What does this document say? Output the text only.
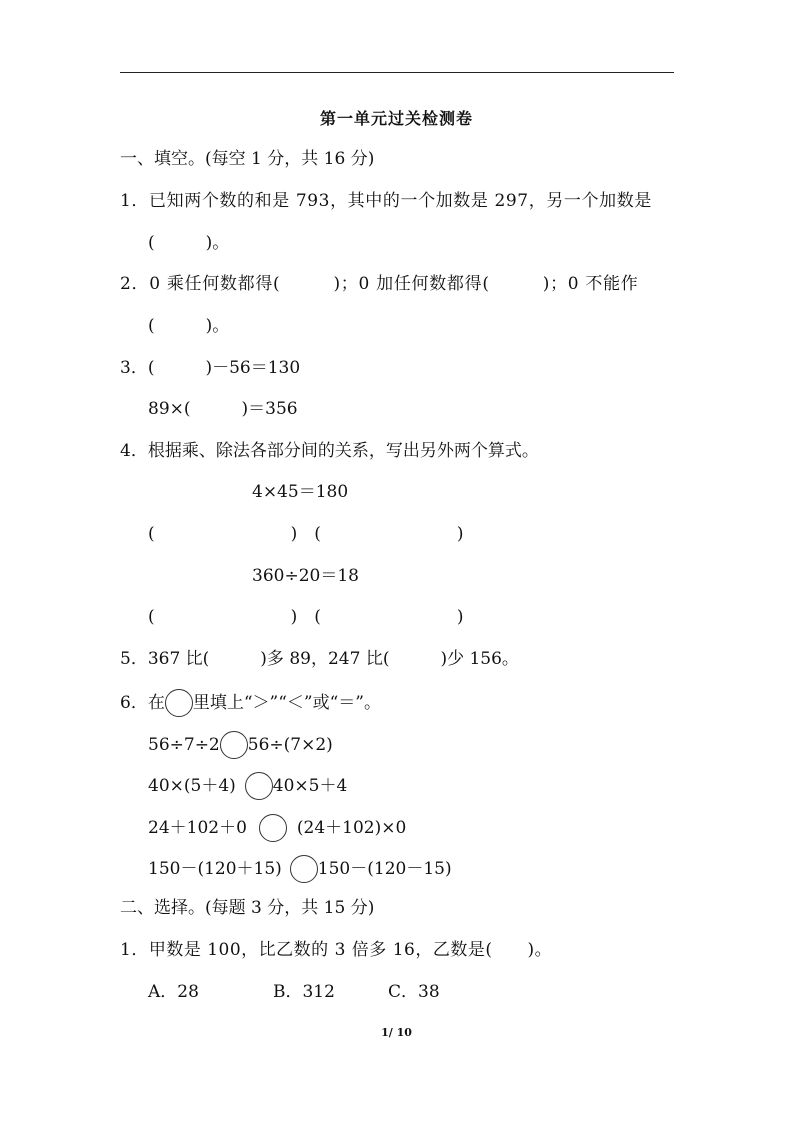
第一单元过关检测卷
一、填空。(每空 1 分，共 16 分)
1．已知两个数的和是 793，其中的一个加数是 297，另一个加数是
(　　　)。
2．0 乘任何数都得(　　　)；0 加任何数都得(　　　)；0 不能作
(　　　)。
3．(　　　)－56＝130
89×(　　　)＝356
4．根据乘、除法各部分间的关系，写出另外两个算式。
4×45＝180
(　　　　　　　　)　(　　　　　　　　)
360÷20＝18
(　　　　　　　　)　(　　　　　　　　)
5．367 比(　　　)多 89，247 比(　　　)少 156。
6．在 里填上“＞”“＜”或“＝”。
56÷7÷2 56÷(7×2)
40×(5＋4) 40×5＋4
24＋102＋0	(24＋102)×0
150－(120＋15) 150－(120－15)
二、选择。(每题 3 分，共 15 分)
1．甲数是 100，比乙数的 3 倍多 16，乙数是(　　)。
A．28	B．312	C．38
1/ 10
